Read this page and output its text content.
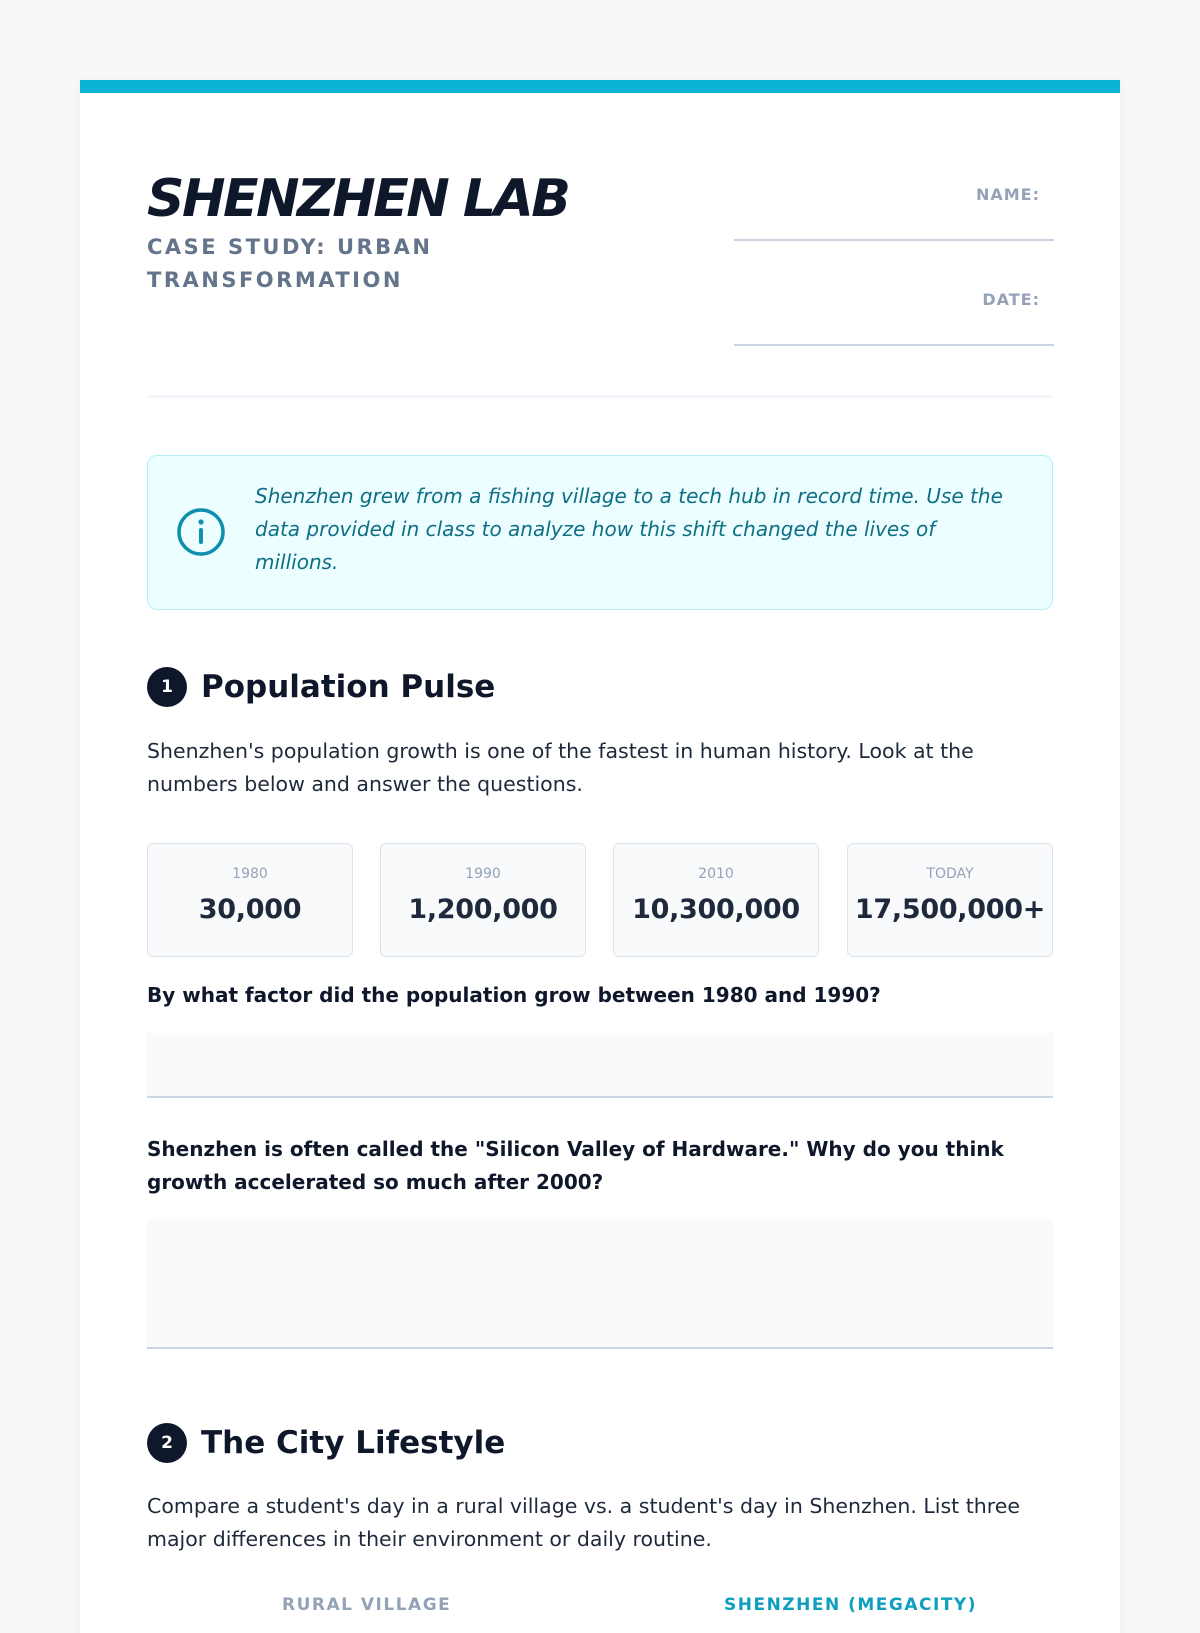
SHENZHEN LAB
CASE STUDY: URBAN TRANSFORMATION
NAME:
DATE:
Shenzhen grew from a fishing village to a tech hub in record time. Use the data provided in class to analyze how this shift changed the lives of millions.
1 Population Pulse
Shenzhen's population growth is one of the fastest in human history. Look at the numbers below and answer the questions.
1980
30,000
1990
1,200,000
2010
10,300,000
TODAY
17,500,000+
By what factor did the population grow between 1980 and 1990?
Shenzhen is often called the "Silicon Valley of Hardware." Why do you think growth accelerated so much after 2000?
2 The City Lifestyle
Compare a student's day in a rural village vs. a student's day in Shenzhen. List three major differences in their environment or daily routine.
RURAL VILLAGE	SHENZHEN (MEGACITY)
